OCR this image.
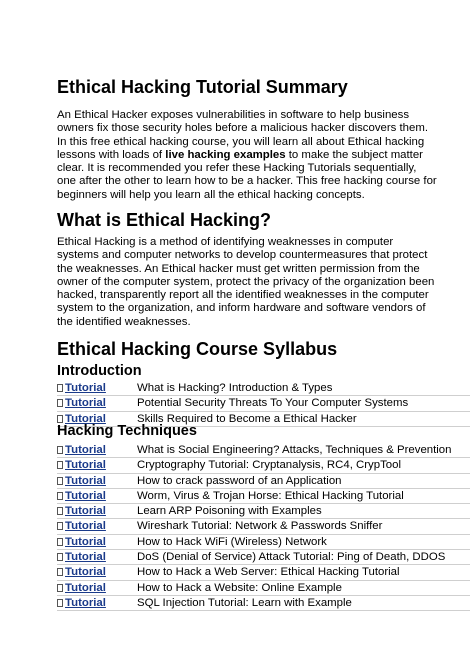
Ethical Hacking Tutorial Summary
An Ethical Hacker exposes vulnerabilities in software to help business
owners fix those security holes before a malicious hacker discovers them.
In this free ethical hacking course, you will learn all about Ethical hacking
lessons with loads of live hacking examples to make the subject matter
clear. It is recommended you refer these Hacking Tutorials sequentially,
one after the other to learn how to be a hacker. This free hacking course for
beginners will help you learn all the ethical hacking concepts.
What is Ethical Hacking?
Ethical Hacking is a method of identifying weaknesses in computer
systems and computer networks to develop countermeasures that protect
the weaknesses. An Ethical hacker must get written permission from the
owner of the computer system, protect the privacy of the organization been
hacked, transparently report all the identified weaknesses in the computer
system to the organization, and inform hardware and software vendors of
the identified weaknesses.
Ethical Hacking Course Syllabus
Introduction
Tutorial	What is Hacking? Introduction & Types
Tutorial	Potential Security Threats To Your Computer Systems
Tutorial	Skills Required to Become a Ethical Hacker
Hacking Techniques
Tutorial	What is Social Engineering? Attacks, Techniques & Prevention
Tutorial	Cryptography Tutorial: Cryptanalysis, RC4, CrypTool
Tutorial	How to crack password of an Application
Tutorial	Worm, Virus & Trojan Horse: Ethical Hacking Tutorial
Tutorial	Learn ARP Poisoning with Examples
Tutorial	Wireshark Tutorial: Network & Passwords Sniffer
Tutorial	How to Hack WiFi (Wireless) Network
Tutorial	DoS (Denial of Service) Attack Tutorial: Ping of Death, DDOS
Tutorial	How to Hack a Web Server: Ethical Hacking Tutorial
Tutorial	How to Hack a Website: Online Example
Tutorial	SQL Injection Tutorial: Learn with Example
